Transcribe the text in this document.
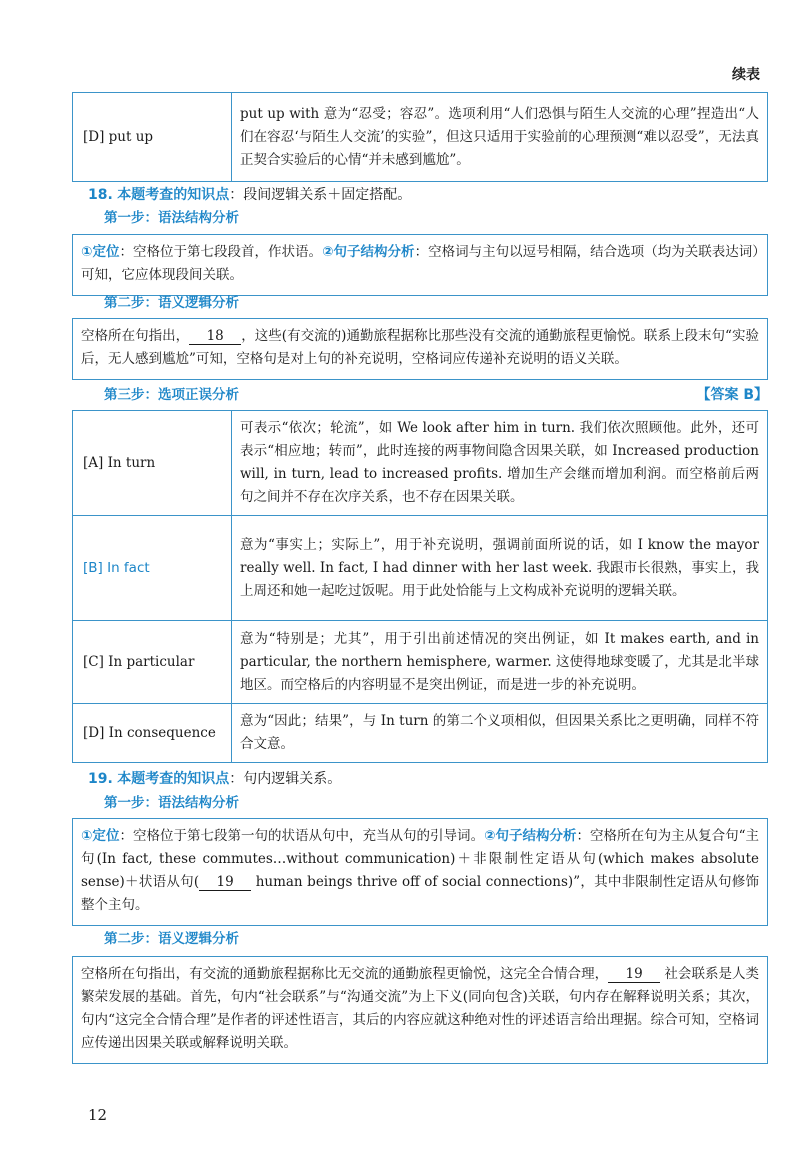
续表
[D] put up	put up with 意为“忍受；容忍”。选项利用“人们恐惧与陌生人交流的心理”捏造出“人们在容忍‘与陌生人交流’的实验”，但这只适用于实验前的心理预测“难以忍受”，无法真正契合实验后的心情“并未感到尴尬”。
18. 本题考查的知识点：段间逻辑关系＋固定搭配。
第一步：语法结构分析
①定位：空格位于第七段段首，作状语。②句子结构分析：空格词与主句以逗号相隔，结合选项（均为关联表达词）可知，它应体现段间关联。
第二步：语义逻辑分析
空格所在句指出， 18 ，这些(有交流的)通勤旅程据称比那些没有交流的通勤旅程更愉悦。联系上段末句“实验后，无人感到尴尬”可知，空格句是对上句的补充说明，空格词应传递补充说明的语义关联。
第三步：选项正误分析	【答案 B】
[A] In turn	可表示“依次；轮流”，如 We look after him in turn. 我们依次照顾他。此外，还可表示“相应地；转而”，此时连接的两事物间隐含因果关联，如 Increased production will, in turn, lead to increased profits. 增加生产会继而增加利润。而空格前后两句之间并不存在次序关系，也不存在因果关联。
[B] In fact	意为“事实上；实际上”，用于补充说明，强调前面所说的话，如 I know the mayor really well. In fact, I had dinner with her last week. 我跟市长很熟，事实上，我上周还和她一起吃过饭呢。用于此处恰能与上文构成补充说明的逻辑关联。
[C] In particular	意为“特别是；尤其”，用于引出前述情况的突出例证，如 It makes earth, and in particular, the northern hemisphere, warmer. 这使得地球变暖了，尤其是北半球地区。而空格后的内容明显不是突出例证，而是进一步的补充说明。
[D] In consequence	意为“因此；结果”，与 In turn 的第二个义项相似，但因果关系比之更明确，同样不符合文意。
19. 本题考查的知识点：句内逻辑关系。
第一步：语法结构分析
①定位：空格位于第七段第一句的状语从句中，充当从句的引导词。②句子结构分析：空格所在句为主从复合句“主句(In fact, these commutes…without communication)＋非限制性定语从句(which makes absolute sense)＋状语从句( 19 human beings thrive off of social connections)”，其中非限制性定语从句修饰整个主句。
第二步：语义逻辑分析
空格所在句指出，有交流的通勤旅程据称比无交流的通勤旅程更愉悦，这完全合情合理， 19 社会联系是人类繁荣发展的基础。首先，句内“社会联系”与“沟通交流”为上下义(同向包含)关联，句内存在解释说明关系；其次，句内“这完全合情合理”是作者的评述性语言，其后的内容应就这种绝对性的评述语言给出理据。综合可知，空格词应传递出因果关联或解释说明关联。
12
